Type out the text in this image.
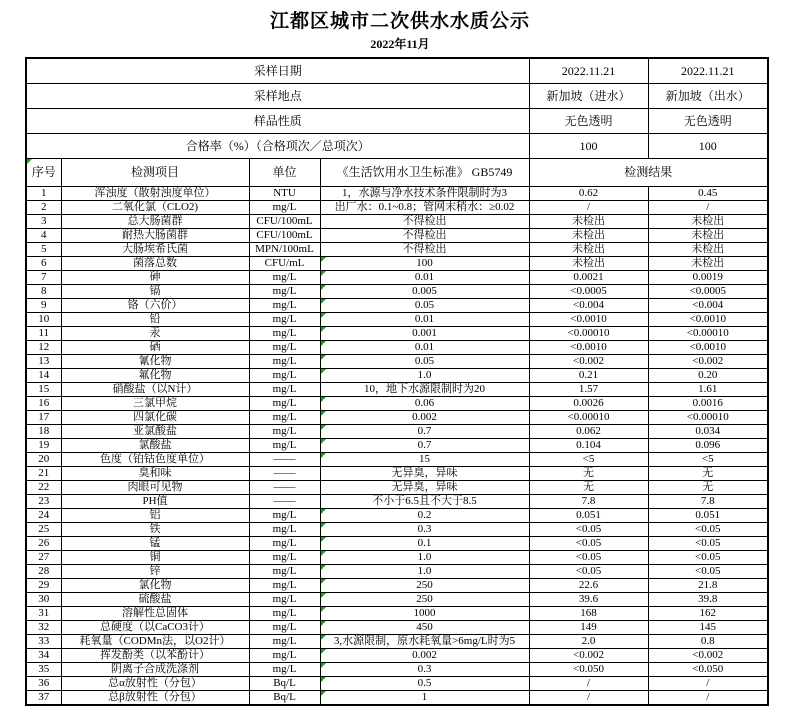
江都区城市二次供水水质公示
2022年11月
采样日期				2022.11.21	2022.11.21
采样地点				新加坡（进水）	新加坡（出水）
样品性质				无色透明	无色透明
合格率（%）（合格项次／总项次）				100	100
序号	检测项目	单位	《生活饮用水卫生标准》 GB5749	检测结果	
1	浑浊度（散射浊度单位）	NTU	1，水源与净水技术条件限制时为3	0.62	0.45
2	二氧化氯（CLO2)	mg/L	出厂水：0.1~0.8；管网末稍水：≥0.02	/	/
3	总大肠菌群	CFU/100mL	不得检出	未检出	未检出
4	耐热大肠菌群	CFU/100mL	不得检出	未检出	未检出
5	大肠埃希氏菌	MPN/100mL	不得检出	未检出	未检出
6	菌落总数	CFU/mL	100	未检出	未检出
7	砷	mg/L	0.01	0.0021	0.0019
8	镉	mg/L	0.005	<0.0005	<0.0005
9	铬（六价）	mg/L	0.05	<0.004	<0.004
10	铅	mg/L	0.01	<0.0010	<0.0010
11	汞	mg/L	0.001	<0.00010	<0.00010
12	硒	mg/L	0.01	<0.0010	<0.0010
13	氰化物	mg/L	0.05	<0.002	<0.002
14	氟化物	mg/L	1.0	0.21	0.20
15	硝酸盐（以N计）	mg/L	10，地下水源限制时为20	1.57	1.61
16	三氯甲烷	mg/L	0.06	0.0026	0.0016
17	四氯化碳	mg/L	0.002	<0.00010	<0.00010
18	亚氯酸盐	mg/L	0.7	0.062	0.034
19	氯酸盐	mg/L	0.7	0.104	0.096
20	色度（铂钴色度单位）	——	15	<5	<5
21	臭和味	——	无异臭，异味	无	无
22	肉眼可见物	——	无异臭，异味	无	无
23	PH值	——	不小于6.5且不大于8.5	7.8	7.8
24	铝	mg/L	0.2	0.051	0.051
25	铁	mg/L	0.3	<0.05	<0.05
26	锰	mg/L	0.1	<0.05	<0.05
27	铜	mg/L	1.0	<0.05	<0.05
28	锌	mg/L	1.0	<0.05	<0.05
29	氯化物	mg/L	250	22.6	21.8
30	硫酸盐	mg/L	250	39.6	39.8
31	溶解性总固体	mg/L	1000	168	162
32	总硬度（以CaCO3计）	mg/L	450	149	145
33	耗氧量（CODMn法，以O2计）	mg/L	3,水源限制，原水耗氧量>6mg/L时为5	2.0	0.8
34	挥发酚类（以苯酚计）	mg/L	0.002	<0.002	<0.002
35	阴离子合成洗涤剂	mg/L	0.3	<0.050	<0.050
36	总α放射性（分包）	Bq/L	0.5	/	/
37	总β放射性（分包）	Bq/L	1	/	/
